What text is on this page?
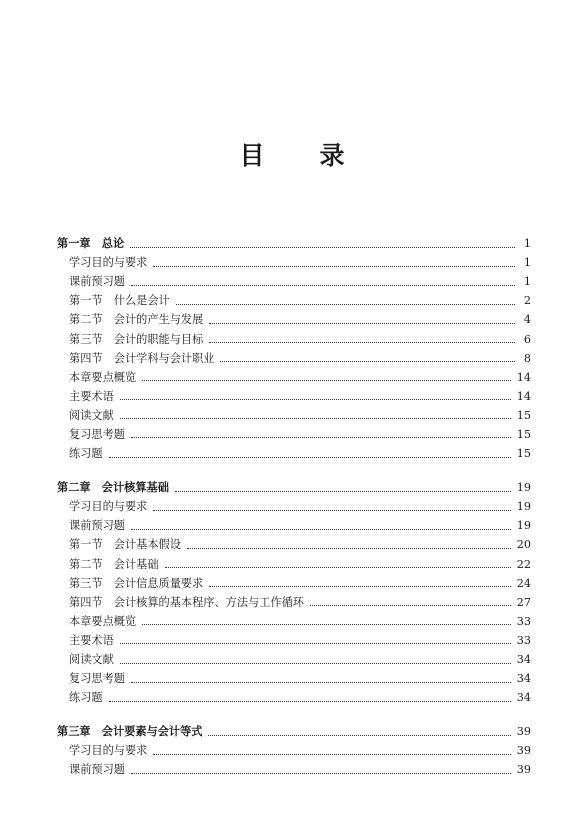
目 录
第一章　总论	1
学习目的与要求	1
课前预习题	1
第一节　什么是会计	2
第二节　会计的产生与发展	4
第三节　会计的职能与目标	6
第四节　会计学科与会计职业	8
本章要点概览	14
主要术语	14
阅读文献	15
复习思考题	15
练习题	15
第二章　会计核算基础	19
学习目的与要求	19
课前预习题	19
第一节　会计基本假设	20
第二节　会计基础	22
第三节　会计信息质量要求	24
第四节　会计核算的基本程序、方法与工作循环	27
本章要点概览	33
主要术语	33
阅读文献	34
复习思考题	34
练习题	34
第三章　会计要素与会计等式	39
学习目的与要求	39
课前预习题	39
